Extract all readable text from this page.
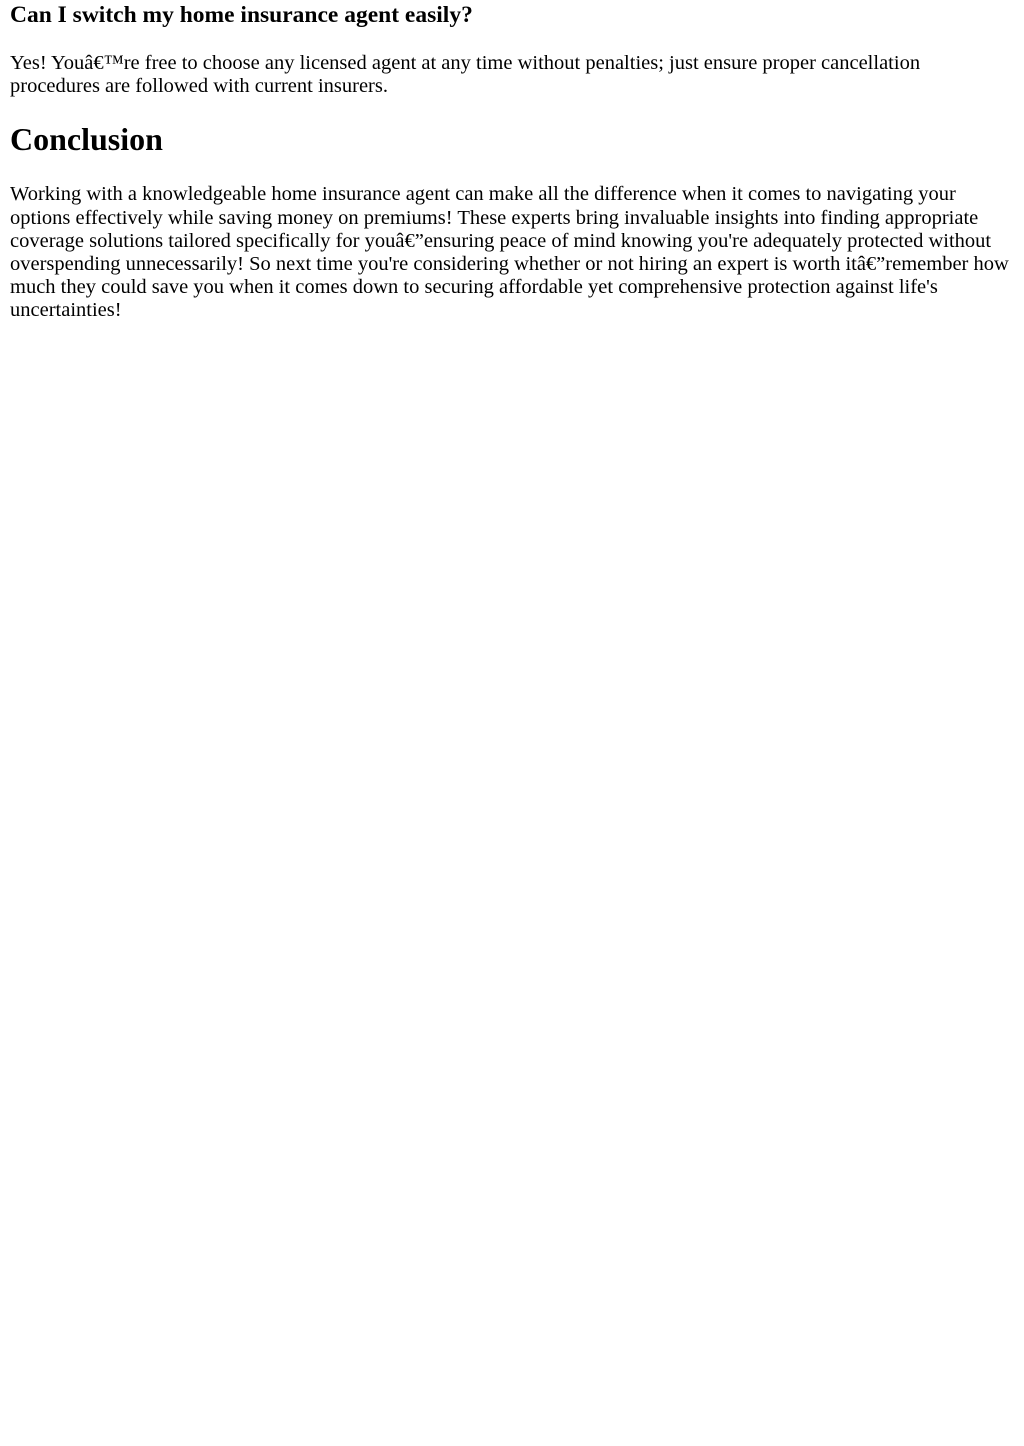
Can I switch my home insurance agent easily?

Yes! Youâ€™re free to choose any licensed agent at any time without penalties; just ensure proper cancellation procedures are followed with current insurers.

Conclusion

Working with a knowledgeable home insurance agent can make all the difference when it comes to navigating your options effectively while saving money on premiums! These experts bring invaluable insights into finding appropriate coverage solutions tailored specifically for youâ€”ensuring peace of mind knowing you're adequately protected without overspending unnecessarily! So next time you're considering whether or not hiring an expert is worth itâ€”remember how much they could save you when it comes down to securing affordable yet comprehensive protection against life's uncertainties!
